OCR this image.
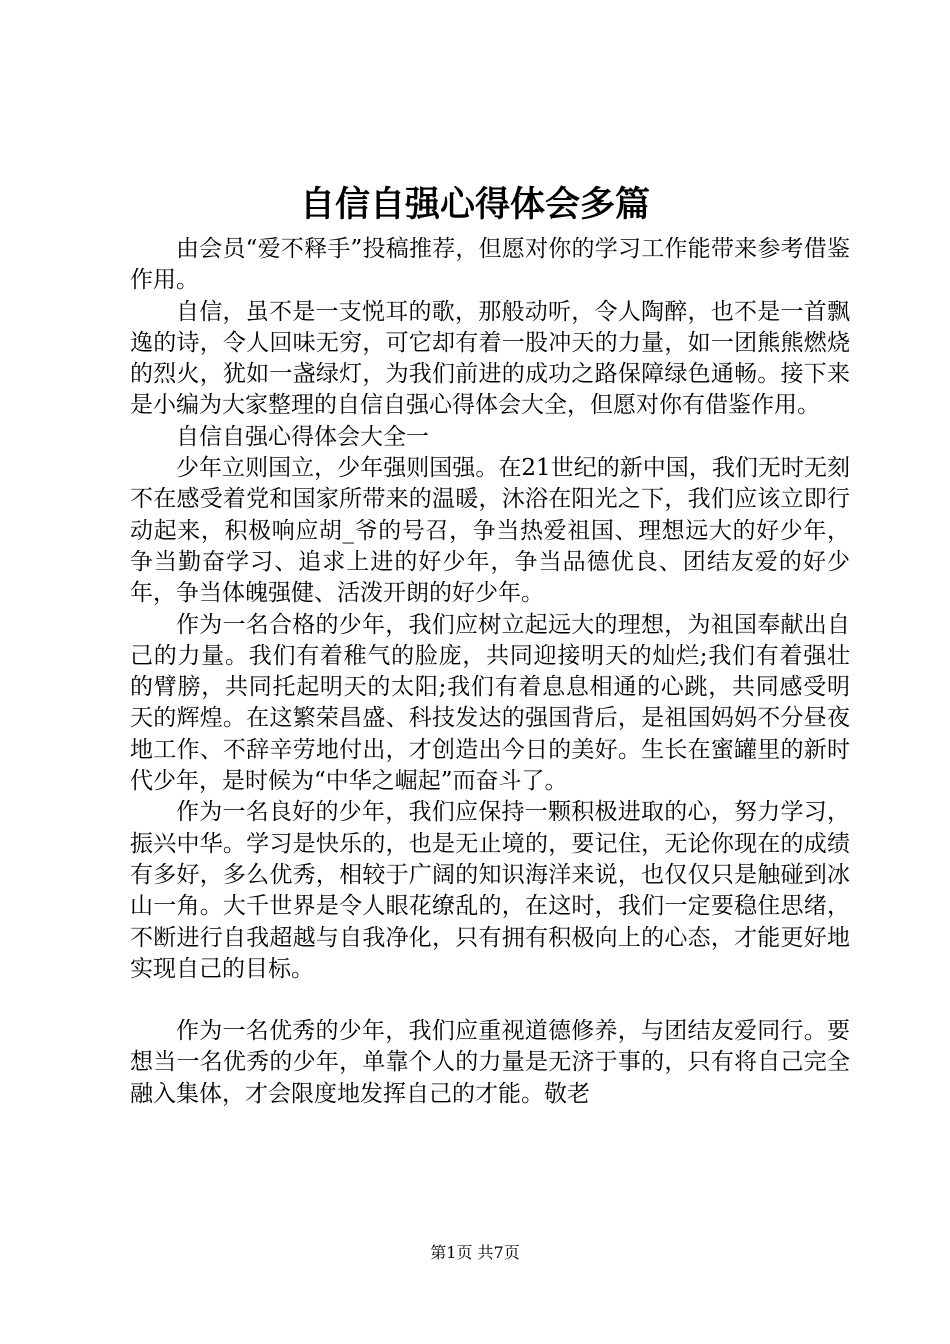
自信自强心得体会多篇

由会员“爱不释手”投稿推荐，但愿对你的学习工作能带来参考借鉴作用。

自信，虽不是一支悦耳的歌，那般动听，令人陶醉，也不是一首飘逸的诗，令人回味无穷，可它却有着一股冲天的力量，如一团熊熊燃烧的烈火，犹如一盏绿灯，为我们前进的成功之路保障绿色通畅。接下来是小编为大家整理的自信自强心得体会大全，但愿对你有借鉴作用。

自信自强心得体会大全一

少年立则国立，少年强则国强。在21世纪的新中国，我们无时无刻不在感受着党和国家所带来的温暖，沐浴在阳光之下，我们应该立即行动起来，积极响应胡_爷的号召，争当热爱祖国、理想远大的好少年，争当勤奋学习、追求上进的好少年，争当品德优良、团结友爱的好少年，争当体魄强健、活泼开朗的好少年。

作为一名合格的少年，我们应树立起远大的理想，为祖国奉献出自己的力量。我们有着稚气的脸庞，共同迎接明天的灿烂;我们有着强壮的臂膀，共同托起明天的太阳;我们有着息息相通的心跳，共同感受明天的辉煌。在这繁荣昌盛、科技发达的强国背后，是祖国妈妈不分昼夜地工作、不辞辛劳地付出，才创造出今日的美好。生长在蜜罐里的新时代少年，是时候为“中华之崛起”而奋斗了。

作为一名良好的少年，我们应保持一颗积极进取的心，努力学习，振兴中华。学习是快乐的，也是无止境的，要记住，无论你现在的成绩有多好，多么优秀，相较于广阔的知识海洋来说，也仅仅只是触碰到冰山一角。大千世界是令人眼花缭乱的，在这时，我们一定要稳住思绪，不断进行自我超越与自我净化，只有拥有积极向上的心态，才能更好地实现自己的目标。

作为一名优秀的少年，我们应重视道德修养，与团结友爱同行。要想当一名优秀的少年，单靠个人的力量是无济于事的，只有将自己完全融入集体，才会限度地发挥自己的才能。敬老

第1页 共7页
